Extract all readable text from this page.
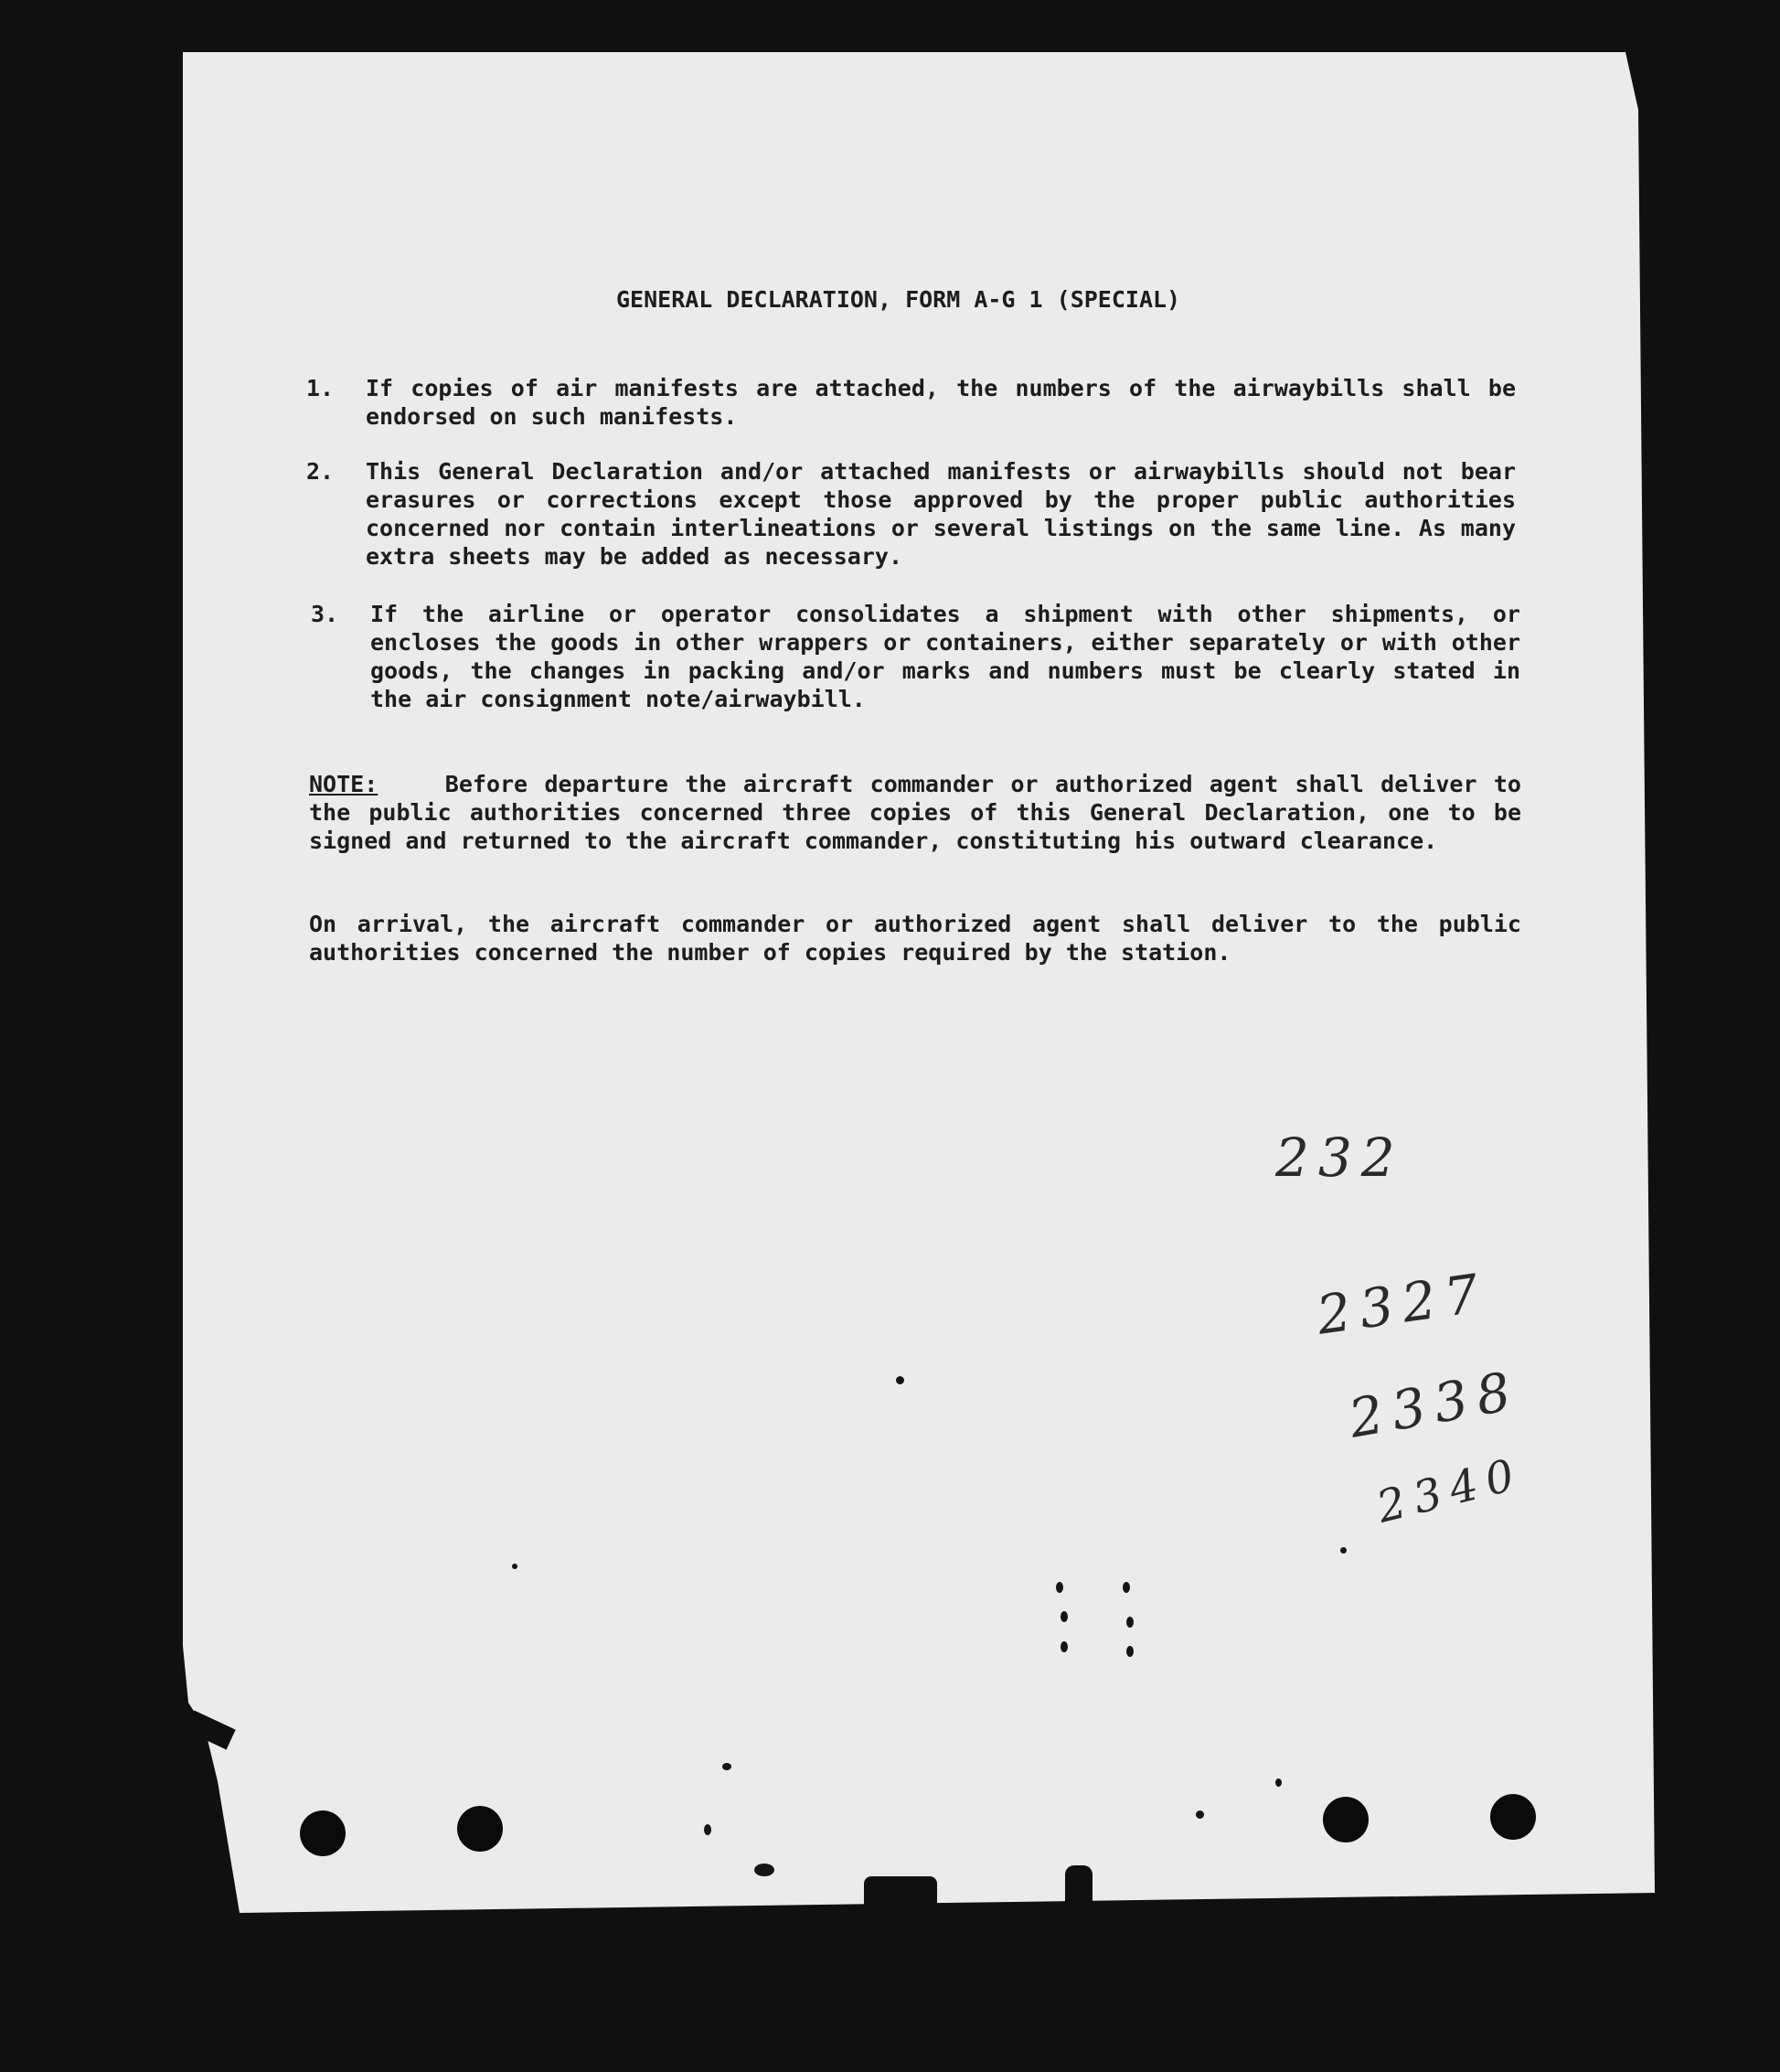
GENERAL DECLARATION, FORM A-G 1 (SPECIAL)
1. If copies of air manifests are attached, the numbers of the airwaybills shall be endorsed on such manifests.
2. This General Declaration and/or attached manifests or airwaybills should not bear erasures or corrections except those approved by the proper public authorities concerned nor contain interlineations or several listings on the same line. As many extra sheets may be added as necessary.
3. If the airline or operator consolidates a shipment with other shipments, or encloses the goods in other wrappers or containers, either separately or with other goods, the changes in packing and/or marks and numbers must be clearly stated in the air consignment note/airwaybill.
NOTE:	Before departure the aircraft commander or authorized agent shall deliver to the public authorities concerned three copies of this General Declaration, one to be signed and returned to the aircraft commander, constituting his outward clearance.
On arrival, the aircraft commander or authorized agent shall deliver to the public authorities concerned the number of copies required by the station.
232
2327
2338
2340
